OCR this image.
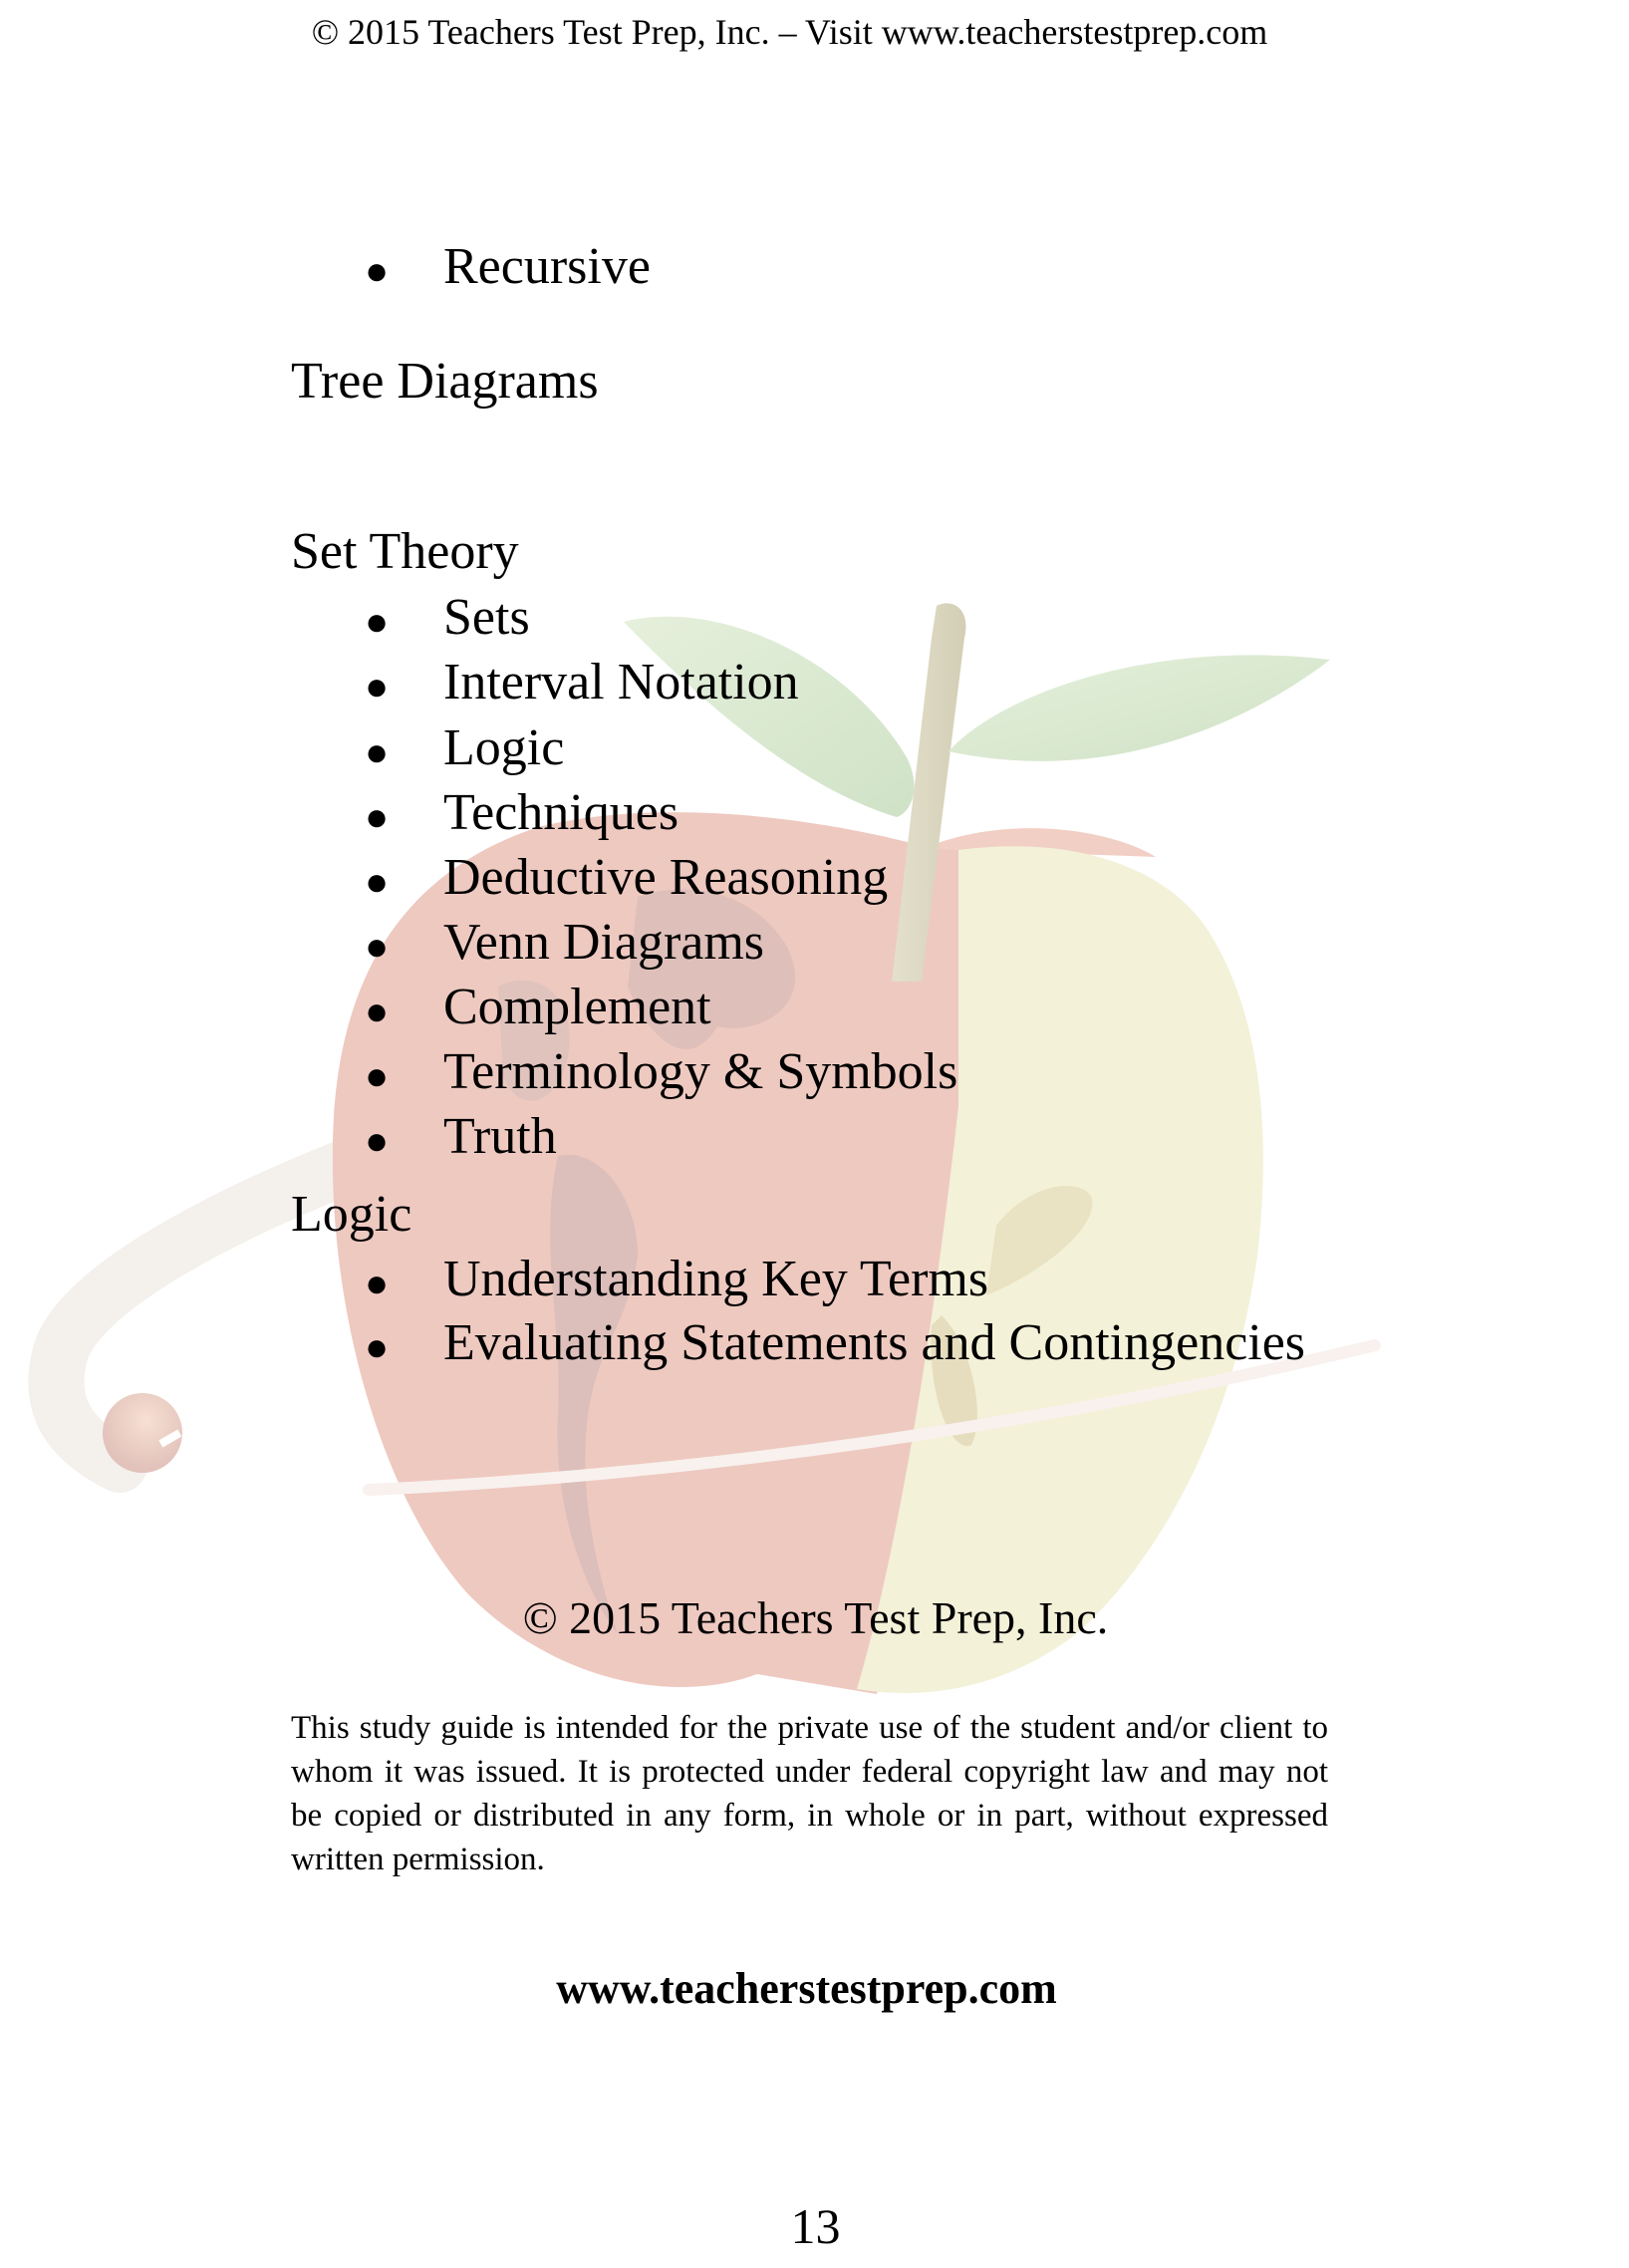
© 2015 Teachers Test Prep, Inc. – Visit www.teacherstestprep.com
● Recursive
Tree Diagrams
Set Theory
● Sets
● Interval Notation
● Logic
● Techniques
● Deductive Reasoning
● Venn Diagrams
● Complement
● Terminology & Symbols
● Truth
Logic
● Understanding Key Terms
● Evaluating Statements and Contingencies
© 2015 Teachers Test Prep, Inc.
This study guide is intended for the private use of the student and/or client to whom it was issued. It is protected under federal copyright law and may not be copied or distributed in any form, in whole or in part, without expressed written permission.
www.teacherstestprep.com
13
